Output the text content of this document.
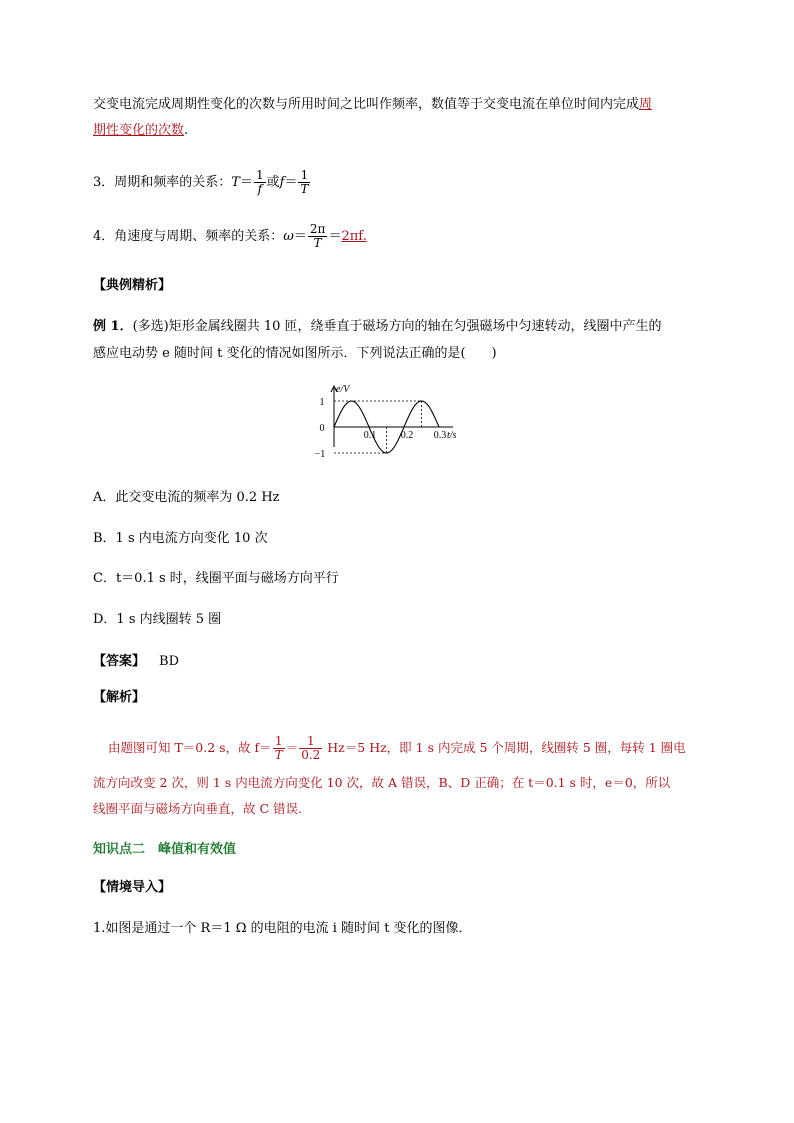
交变电流完成周期性变化的次数与所用时间之比叫作频率，数值等于交变电流在单位时间内完成周
期性变化的次数.
3．周期和频率的关系：$T= \frac{1}{f}$ 或$f= \frac{1}{T}$
4．角速度与周期、频率的关系：$\omega= \frac{2\pi}{T} =2\pi f$.
【典例精析】
例 1．(多选)矩形金属线圈共 10 匝，绕垂直于磁场方向的轴在匀强磁场中匀速转动，线圈中产生的
感应电动势 e 随时间 t 变化的情况如图所示．下列说法正确的是(　　)
1
0
−1
0.1 0.2 0.3
e/V
t/s
A．此交变电流的频率为 0.2 Hz
B．1 s 内电流方向变化 10 次
C．t＝0.1 s 时，线圈平面与磁场方向平行
D．1 s 内线圈转 5 圈
【答案】 BD
【解析】
由题图可知 T＝0.2 s，故 $f= \frac{1}{T} = \frac{1}{0.2} Hz=5$ Hz，即 1 s 内完成 5 个周期，线圈转 5 圈，每转 1 圈电
流方向改变 2 次，则 1 s 内电流方向变化 10 次，故 A 错误，B、D 正确；在 t＝0.1 s 时，e＝0，所以
线圈平面与磁场方向垂直，故 C 错误.
知识点二　峰值和有效值
【情境导入】
1.如图是通过一个 R＝1 Ω 的电阻的电流 i 随时间 t 变化的图像．
